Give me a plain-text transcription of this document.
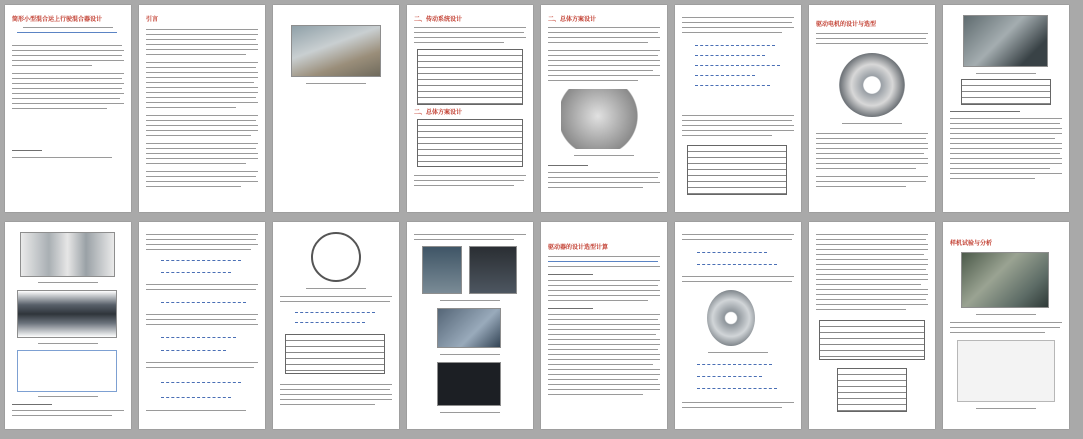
筒形小型混合运上行驶混合器设计	引言	二、传动系统设计
二、总体方案设计
二、总体方案设计
驱动电机的设计与选型
驱动器的设计选型计算
样机试验与分析
